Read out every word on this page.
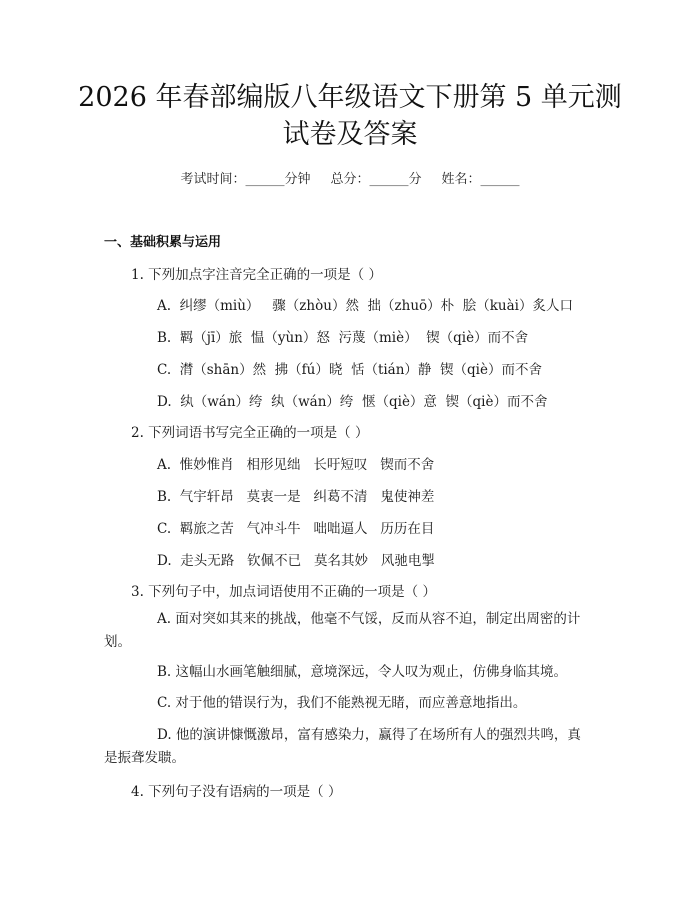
2026 年春部编版八年级语文下册第 5 单元测
试卷及答案
考试时间：______分钟 总分：______分 姓名：______
一、基础积累与运用
1. 下列加点字注音完全正确的一项是（ ）
A.  纠缪（miù）   骤（zhòu）然  拙（zhuō）朴  脍（kuài）炙人口
B.  羁（jī）旅  愠（yùn）怒  污蔑（miè）  锲（qiè）而不舍
C.  潸（shān）然  拂（fú）晓  恬（tián）静  锲（qiè）而不舍
D.  纨（wán）绔  纨（wán）绔  惬（qiè）意  锲（qiè）而不舍
2. 下列词语书写完全正确的一项是（ ）
A.  惟妙惟肖   相形见绌   长吁短叹   锲而不舍
B.  气宇轩昂   莫衷一是   纠葛不清   鬼使神差
C.  羁旅之苦   气冲斗牛   咄咄逼人   历历在目
D.  走头无路   钦佩不已   莫名其妙   风驰电掣
3. 下列句子中，加点词语使用不正确的一项是（ ）
A. 面对突如其来的挑战，他毫不气馁，反而从容不迫，制定出周密的计划。
B. 这幅山水画笔触细腻，意境深远，令人叹为观止，仿佛身临其境。
C. 对于他的错误行为，我们不能熟视无睹，而应善意地指出。
D. 他的演讲慷慨激昂，富有感染力，赢得了在场所有人的强烈共鸣，真是振聋发聩。
4. 下列句子没有语病的一项是（ ）
